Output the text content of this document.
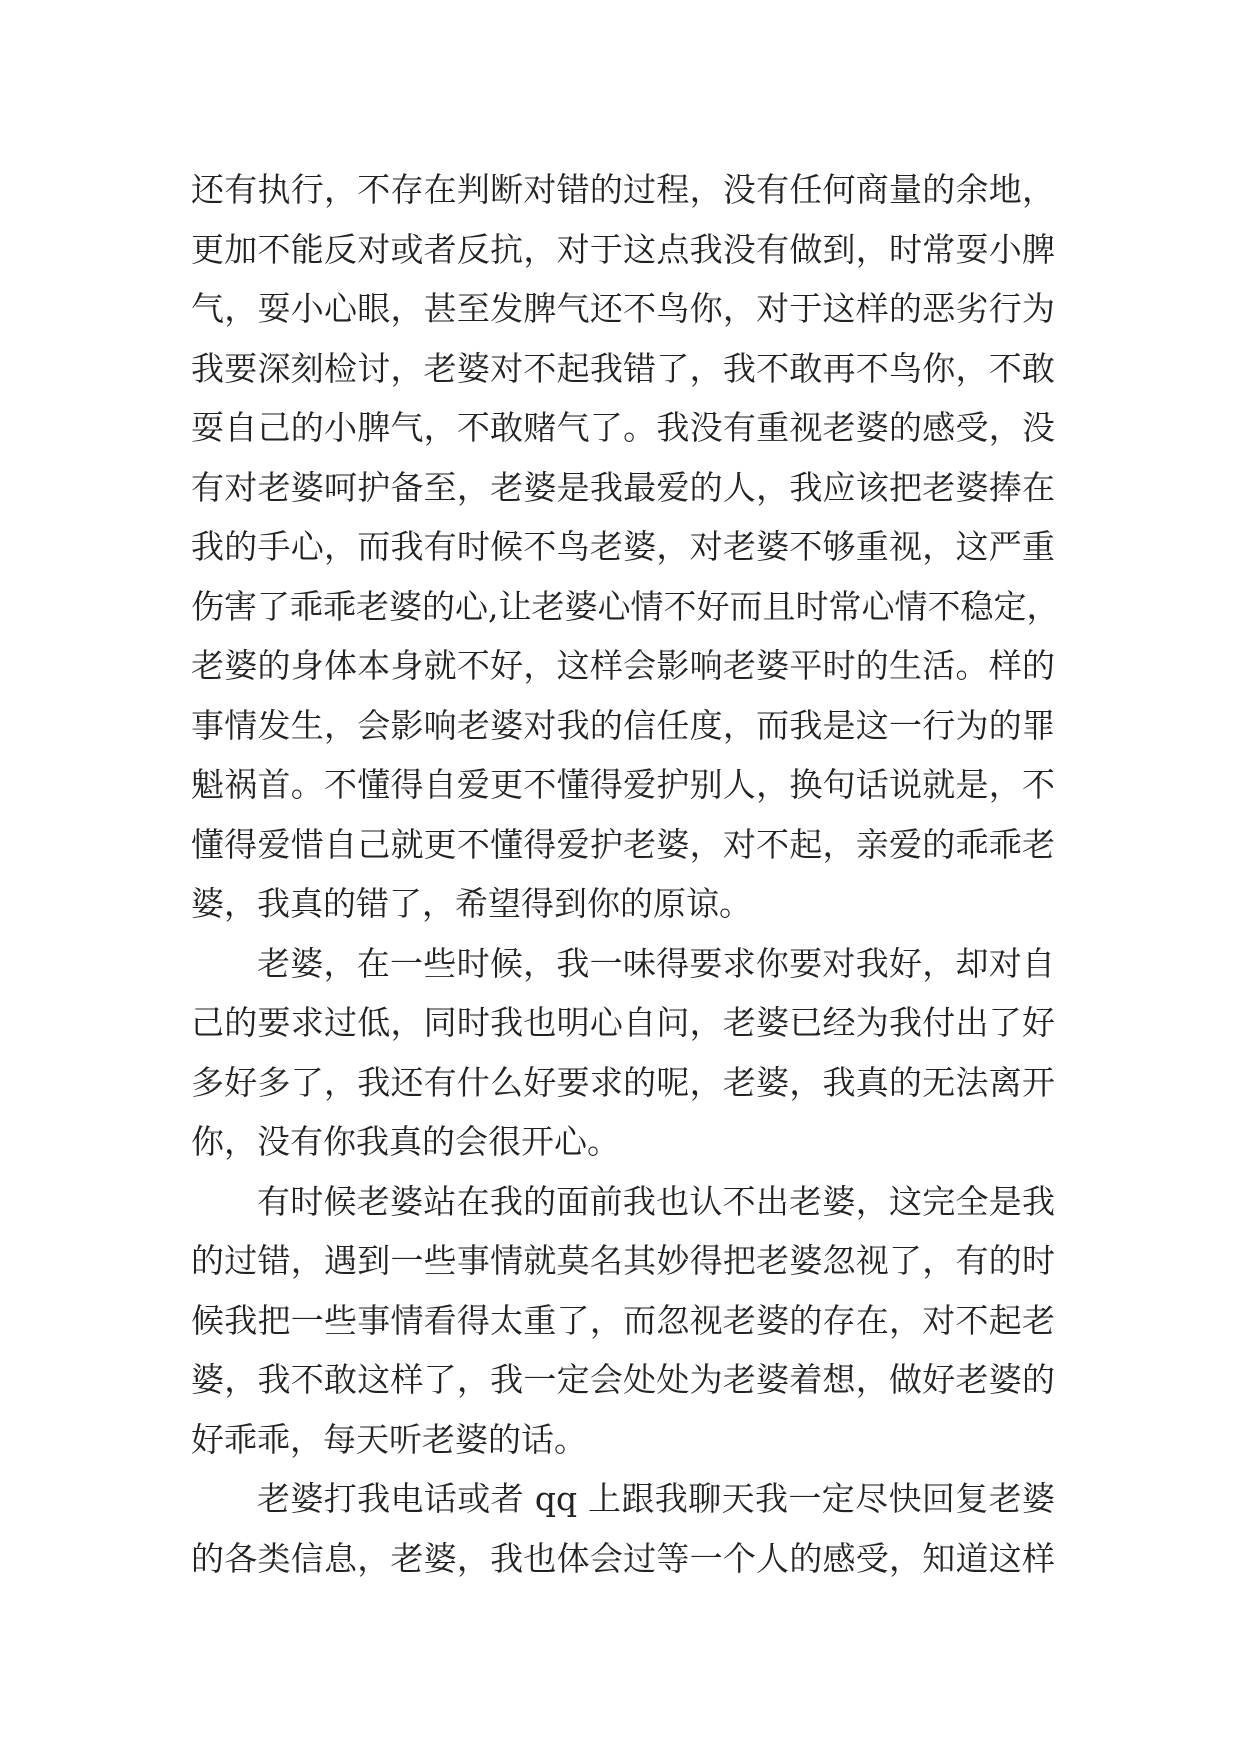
还有执行，不存在判断对错的过程，没有任何商量的余地，
更加不能反对或者反抗，对于这点我没有做到，时常耍小脾
气，耍小心眼，甚至发脾气还不鸟你，对于这样的恶劣行为
我要深刻检讨，老婆对不起我错了，我不敢再不鸟你，不敢
耍自己的小脾气，不敢赌气了。我没有重视老婆的感受，没
有对老婆呵护备至，老婆是我最爱的人，我应该把老婆捧在
我的手心，而我有时候不鸟老婆，对老婆不够重视，这严重
伤害了乖乖老婆的心,让老婆心情不好而且时常心情不稳定，
老婆的身体本身就不好，这样会影响老婆平时的生活。样的
事情发生，会影响老婆对我的信任度，而我是这一行为的罪
魁祸首。不懂得自爱更不懂得爱护别人，换句话说就是，不
懂得爱惜自己就更不懂得爱护老婆，对不起，亲爱的乖乖老
婆，我真的错了，希望得到你的原谅。
老婆，在一些时候，我一味得要求你要对我好，却对自
己的要求过低，同时我也明心自问，老婆已经为我付出了好
多好多了，我还有什么好要求的呢，老婆，我真的无法离开
你，没有你我真的会很开心。
有时候老婆站在我的面前我也认不出老婆，这完全是我
的过错，遇到一些事情就莫名其妙得把老婆忽视了，有的时
候我把一些事情看得太重了，而忽视老婆的存在，对不起老
婆，我不敢这样了，我一定会处处为老婆着想，做好老婆的
好乖乖，每天听老婆的话。
老婆打我电话或者 qq 上跟我聊天我一定尽快回复老婆
的各类信息，老婆，我也体会过等一个人的感受，知道这样
